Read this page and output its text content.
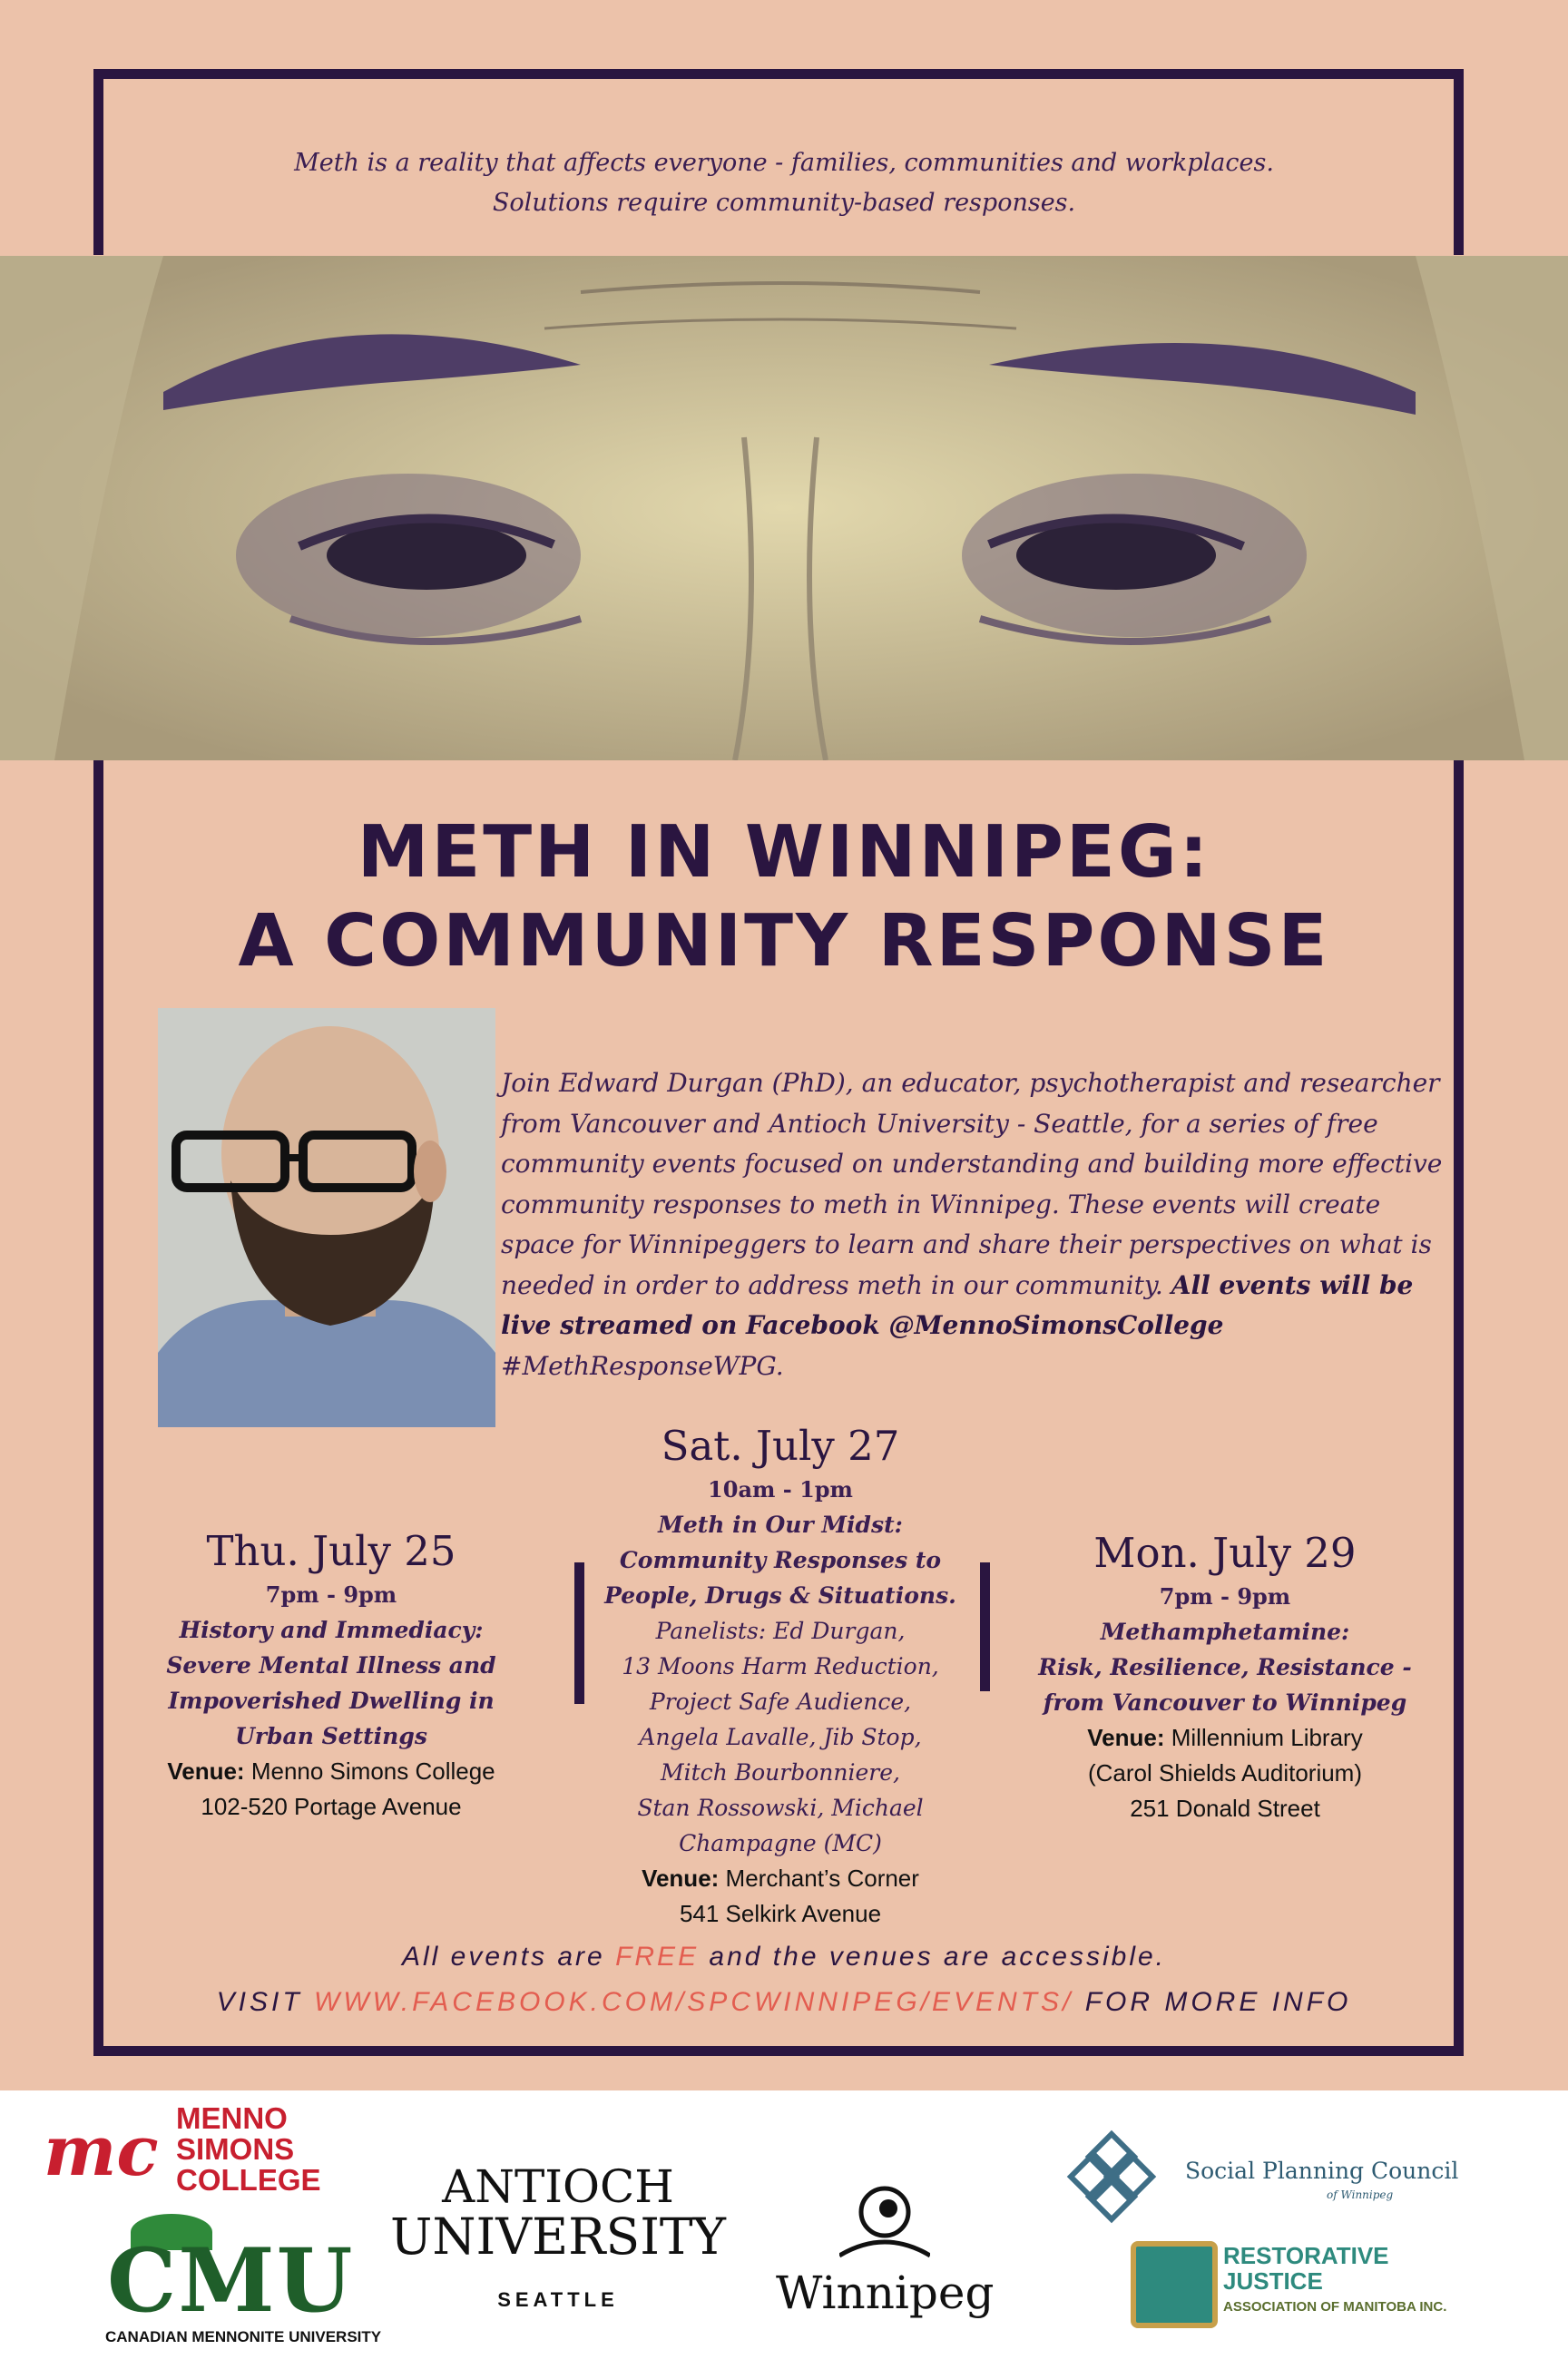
Meth is a reality that affects everyone - families, communities and workplaces.
Solutions require community-based responses.
METH IN WINNIPEG:
A COMMUNITY RESPONSE
Join Edward Durgan (PhD), an educator, psychotherapist and researcher from Vancouver and Antioch University - Seattle, for a series of free community events focused on understanding and building more effective community responses to meth in Winnipeg. These events will create space for Winnipeggers to learn and share their perspectives on what is needed in order to address meth in our community. All events will be live streamed on Facebook @MennoSimonsCollege #MethResponseWPG.
Thu. July 25
7pm - 9pm
History and Immediacy:
Severe Mental Illness and
Impoverished Dwelling in
Urban Settings
Venue: Menno Simons College
102-520 Portage Avenue
Sat. July 27
10am - 1pm
Meth in Our Midst:
Community Responses to
People, Drugs & Situations.
Panelists: Ed Durgan,
13 Moons Harm Reduction,
Project Safe Audience,
Angela Lavalle, Jib Stop,
Mitch Bourbonniere,
Stan Rossowski, Michael
Champagne (MC)
Venue: Merchant’s Corner
541 Selkirk Avenue
Mon. July 29
7pm - 9pm
Methamphetamine:
Risk, Resilience, Resistance -
from Vancouver to Winnipeg
Venue: Millennium Library
(Carol Shields Auditorium)
251 Donald Street
All events are FREE and the venues are accessible.
VISIT WWW.FACEBOOK.COM/SPCWINNIPEG/EVENTS/ FOR MORE INFO
mc MENNO
SIMONS
COLLEGE
CMU
CANADIAN MENNONITE UNIVERSITY
ANTIOCH
UNIVERSITY
SEATTLE	Winnipeg
Social Planning Council
of Winnipeg
RESTORATIVE
JUSTICE
ASSOCIATION OF MANITOBA INC.
